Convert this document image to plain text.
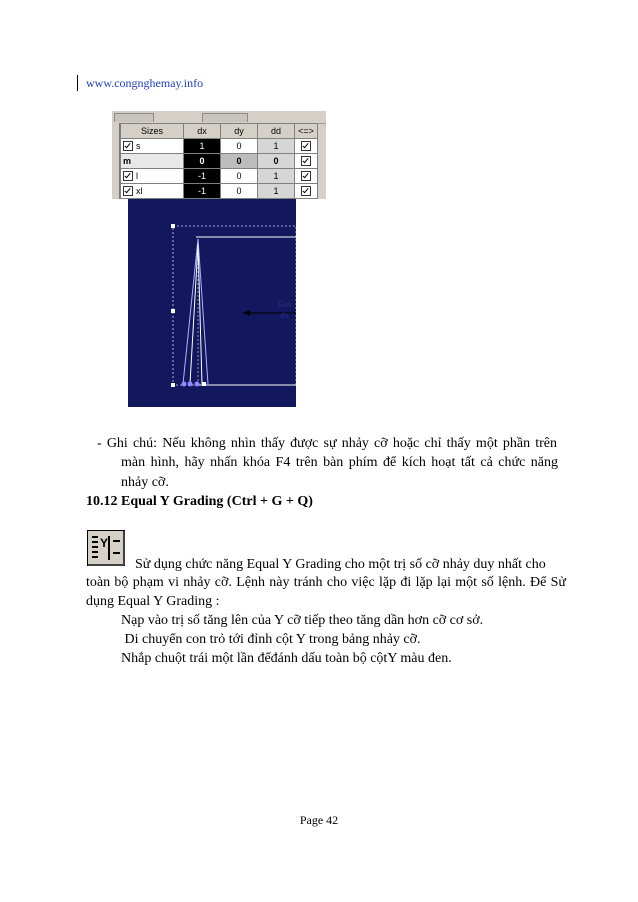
www.congnghemay.info
Sizes	dx	dy	dd	<=>
s	1	0	1	
m	0	0	0	
l	-1	0	1	
xl	-1	0	1	
Gra
dx
- Ghi chú: Nếu không nhìn thấy được sự nhảy cỡ hoặc chỉ thấy một phần trên
màn hình, hãy nhấn khóa F4 trên bàn phím để kích hoạt tất cả chức năng
nhảy cỡ.
10.12 Equal Y Grading (Ctrl + G + Q)
Y
Sử dụng chức năng Equal Y Grading cho một trị số cỡ nhảy duy nhất cho
toàn bộ phạm vi nhảy cỡ. Lệnh này tránh cho việc lặp đi lặp lại một số lệnh. Để Sử
dụng Equal Y Grading :
Nạp vào trị số tăng lên của Y cỡ tiếp theo tăng dần hơn cỡ cơ sở.
Di chuyển con trỏ tới đỉnh cột Y trong bảng nhảy cỡ.
Nhắp chuột trái một lần đểđánh dấu toàn bộ cộtY màu đen.
Page 42
